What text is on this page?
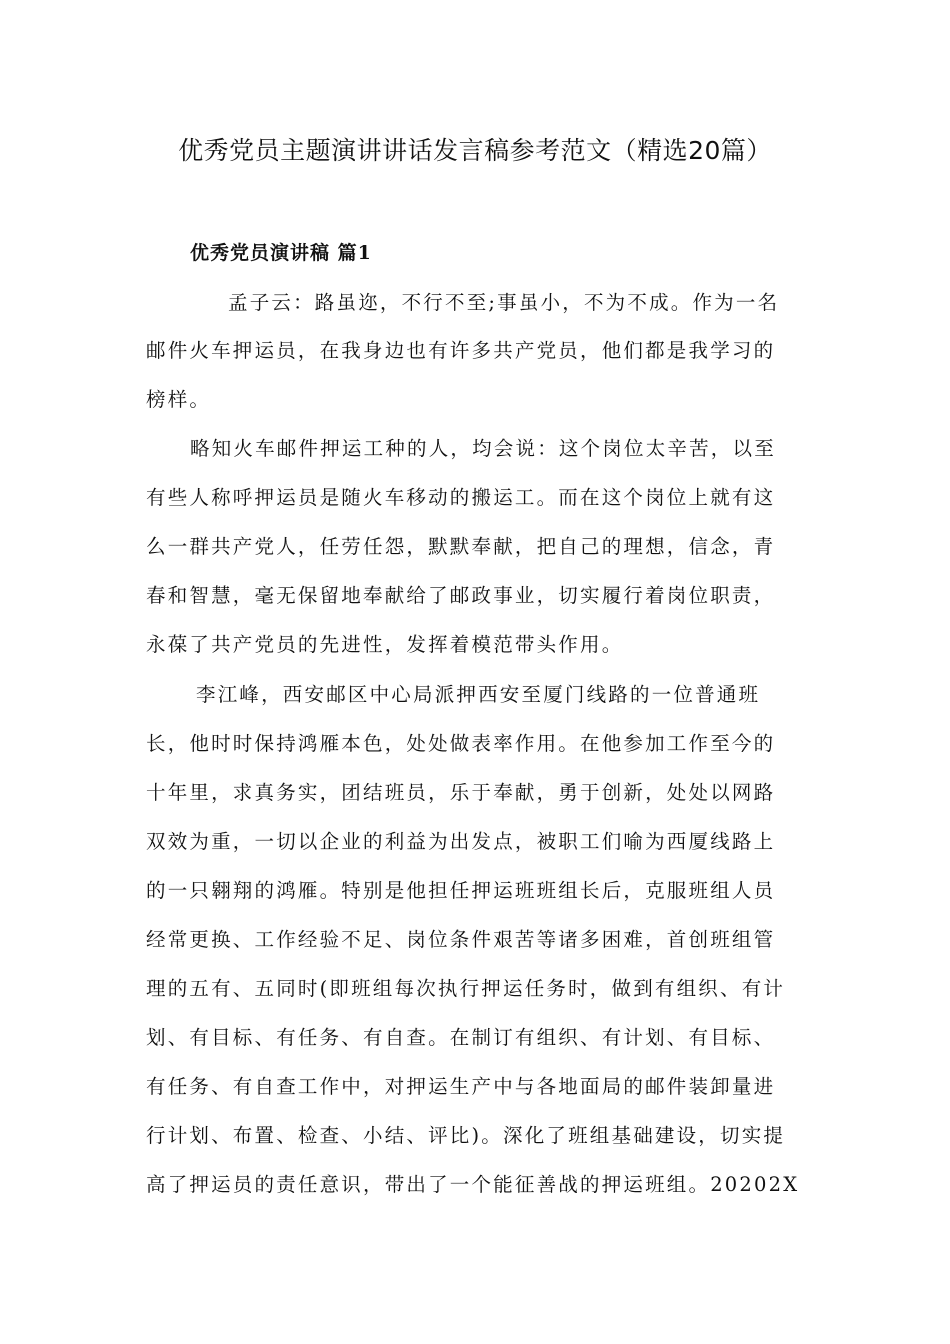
优秀党员主题演讲讲话发言稿参考范文（精选20篇）
优秀党员演讲稿 篇1

孟子云：路虽迩，不行不至;事虽小，不为不成。作为一名

邮件火车押运员，在我身边也有许多共产党员，他们都是我学习的

榜样。

略知火车邮件押运工种的人，均会说：这个岗位太辛苦，以至

有些人称呼押运员是随火车移动的搬运工。而在这个岗位上就有这

么一群共产党人，任劳任怨，默默奉献，把自己的理想，信念，青

春和智慧，毫无保留地奉献给了邮政事业，切实履行着岗位职责，

永葆了共产党员的先进性，发挥着模范带头作用。

李江峰，西安邮区中心局派押西安至厦门线路的一位普通班

长，他时时保持鸿雁本色，处处做表率作用。在他参加工作至今的

十年里，求真务实，团结班员，乐于奉献，勇于创新，处处以网路

双效为重，一切以企业的利益为出发点，被职工们喻为西厦线路上

的一只翱翔的鸿雁。特别是他担任押运班班组长后，克服班组人员

经常更换、工作经验不足、岗位条件艰苦等诸多困难，首创班组管

理的五有、五同时(即班组每次执行押运任务时，做到有组织、有计

划、有目标、有任务、有自查。在制订有组织、有计划、有目标、

有任务、有自查工作中，对押运生产中与各地面局的邮件装卸量进

行计划、布置、检查、小结、评比)。深化了班组基础建设，切实提

高了押运员的责任意识，带出了一个能征善战的押运班组。20202X
